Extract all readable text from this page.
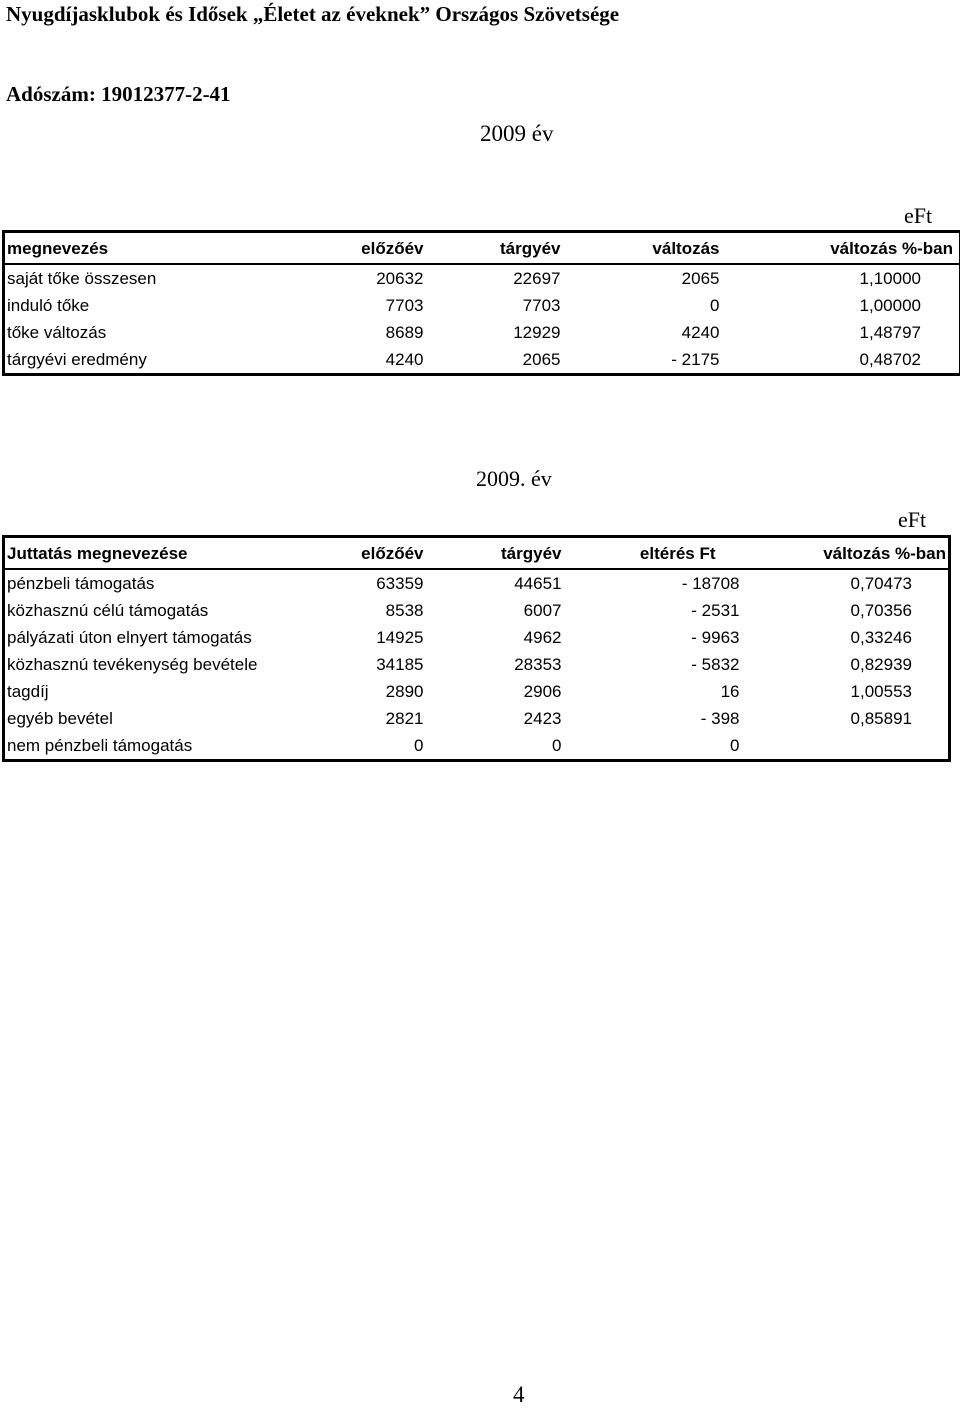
Nyugdíjasklubok és Idősek „Életet az éveknek” Országos Szövetsége
Adószám: 19012377-2-41
2009 év
eFt
megnevezés	előzőév	tárgyév	változás	változás %-ban
saját tőke összesen	20632	22697	2065	1,10000
induló tőke	7703	7703	0	1,00000
tőke változás	8689	12929	4240	1,48797
tárgyévi eredmény	4240	2065	- 2175	0,48702
2009. év
eFt
Juttatás megnevezése	előzőév	tárgyév	eltérés Ft	változás %-ban
pénzbeli támogatás	63359	44651	- 18708	0,70473
közhasznú célú támogatás	8538	6007	- 2531	0,70356
pályázati úton elnyert támogatás	14925	4962	- 9963	0,33246
közhasznú tevékenység bevétele	34185	28353	- 5832	0,82939
tagdíj	2890	2906	16	1,00553
egyéb bevétel	2821	2423	- 398	0,85891
nem pénzbeli támogatás	0	0	0	
4
